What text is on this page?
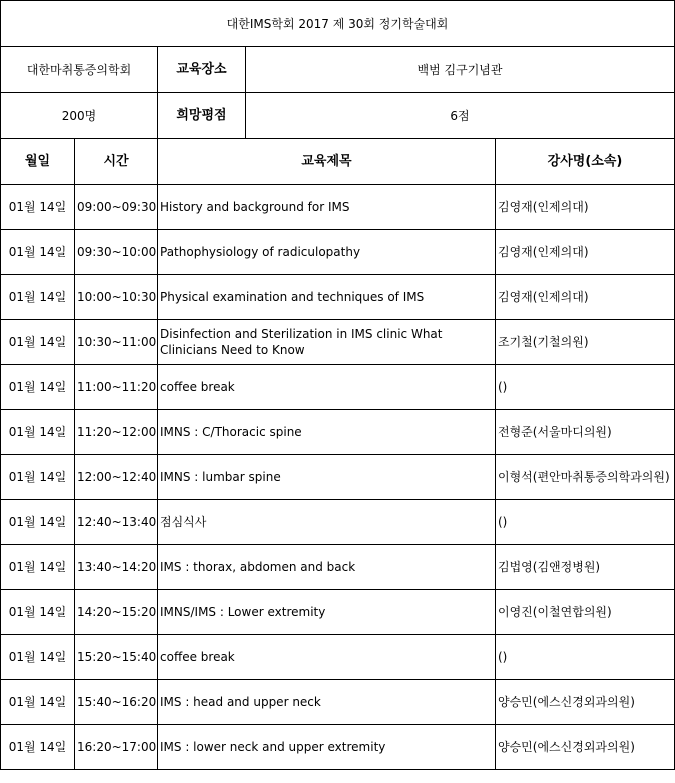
대한IMS학회 2017 제 30회 정기학술대회				
대한마취통증의학회		교육장소	백범 김구기념관	
200명		희망평점	6점	
월일	시간	교육제목		강사명(소속)
01월 14일	09:00~09:30	History and background for IMS		김영재(인제의대)
01월 14일	09:30~10:00	Pathophysiology of radiculopathy		김영재(인제의대)
01월 14일	10:00~10:30	Physical examination and techniques of IMS		김영재(인제의대)
01월 14일	10:30~11:00	Disinfection and Sterilization in IMS clinic What Clinicians Need to Know		조기철(기철의원)
01월 14일	11:00~11:20	coffee break		()
01월 14일	11:20~12:00	IMNS : C/Thoracic spine		전형준(서울마디의원)
01월 14일	12:00~12:40	IMNS : lumbar spine		이형석(편안마취통증의학과의원)
01월 14일	12:40~13:40	점심식사		()
01월 14일	13:40~14:20	IMS : thorax, abdomen and back		김법영(김앤정병원)
01월 14일	14:20~15:20	IMNS/IMS : Lower extremity		이영진(이철연합의원)
01월 14일	15:20~15:40	coffee break		()
01월 14일	15:40~16:20	IMS : head and upper neck		양승민(에스신경외과의원)
01월 14일	16:20~17:00	IMS : lower neck and upper extremity		양승민(에스신경외과의원)
